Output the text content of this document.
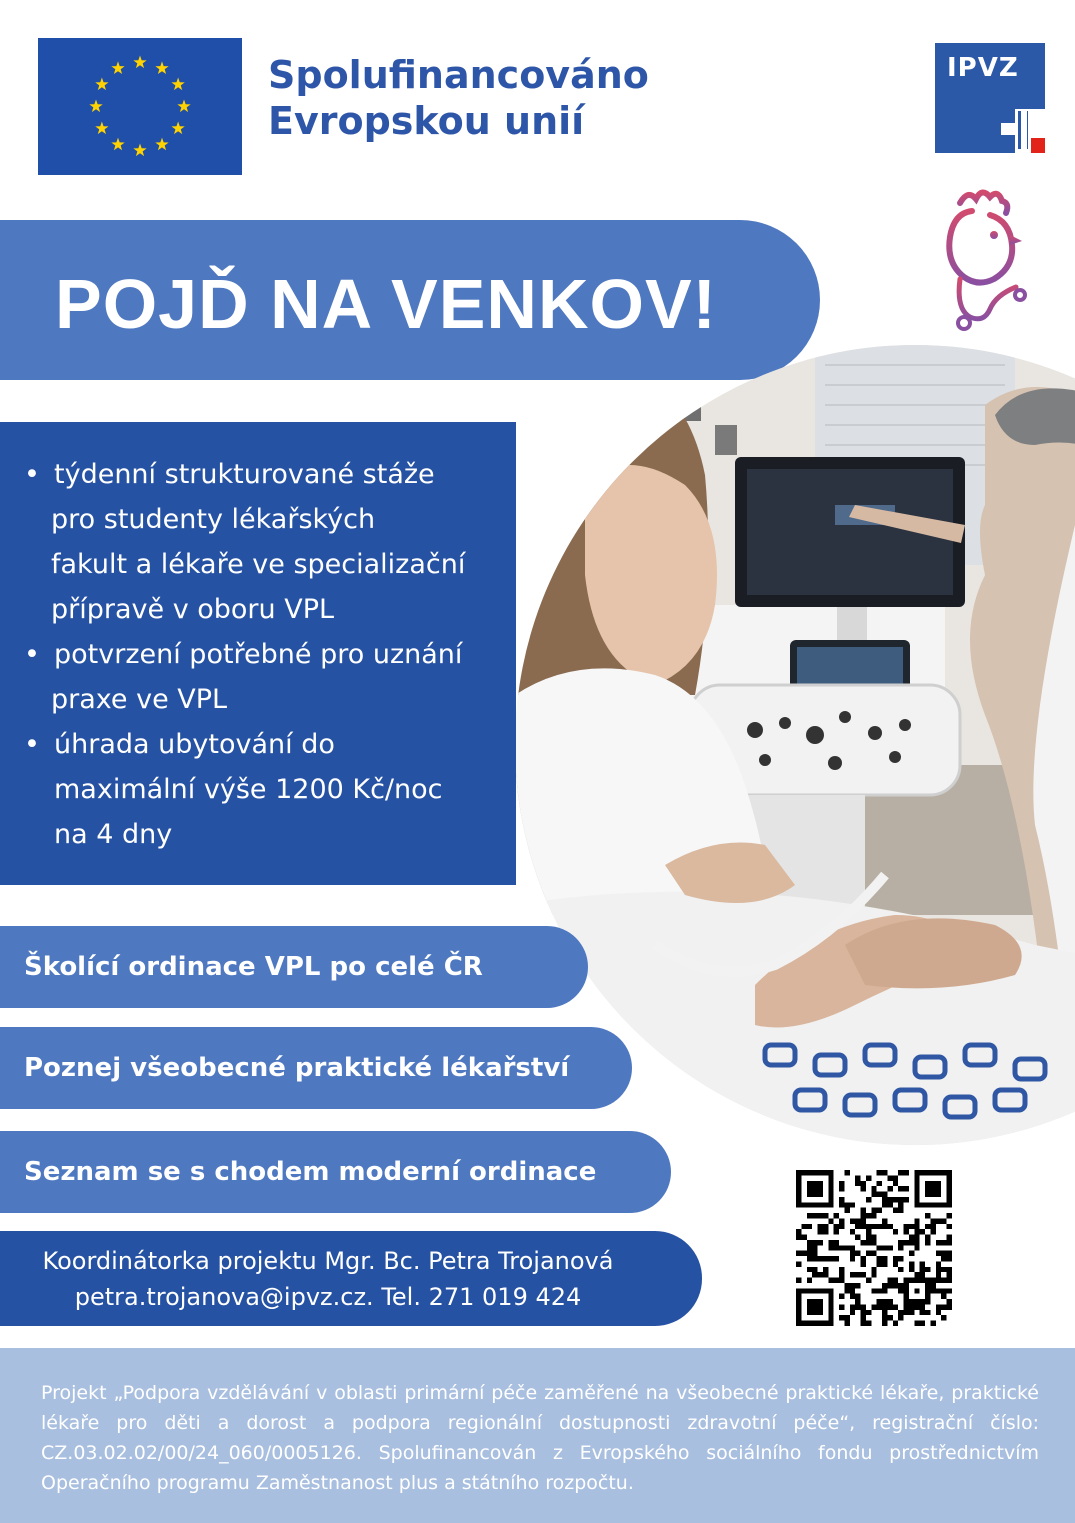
Spolufinancováno
Evropskou unií
IPVZ
POJĎ NA VENKOV!
• týdenní strukturované stáže
pro studenty lékařských
fakult a lékaře ve specializační
přípravě v oboru VPL
• potvrzení potřebné pro uznání
praxe ve VPL
• úhrada ubytování do
maximální výše 1200 Kč/noc
na 4 dny
Školící ordinace VPL po celé ČR
Poznej všeobecné praktické lékařství
Seznam se s chodem moderní ordinace
Koordinátorka projektu Mgr. Bc. Petra Trojanová
petra.trojanova@ipvz.cz. Tel. 271 019 424

Projekt „Podpora vzdělávání v oblasti primární péče zaměřené na všeobecné praktické lékaře, praktické lékaře pro děti a dorost a podpora regionální dostupnosti zdravotní péče“, registrační číslo: CZ.03.02.02/00/24_060/0005126. Spolufinancován z Evropského sociálního fondu prostřednictvím Operačního programu Zaměstnanost plus a státního rozpočtu.
